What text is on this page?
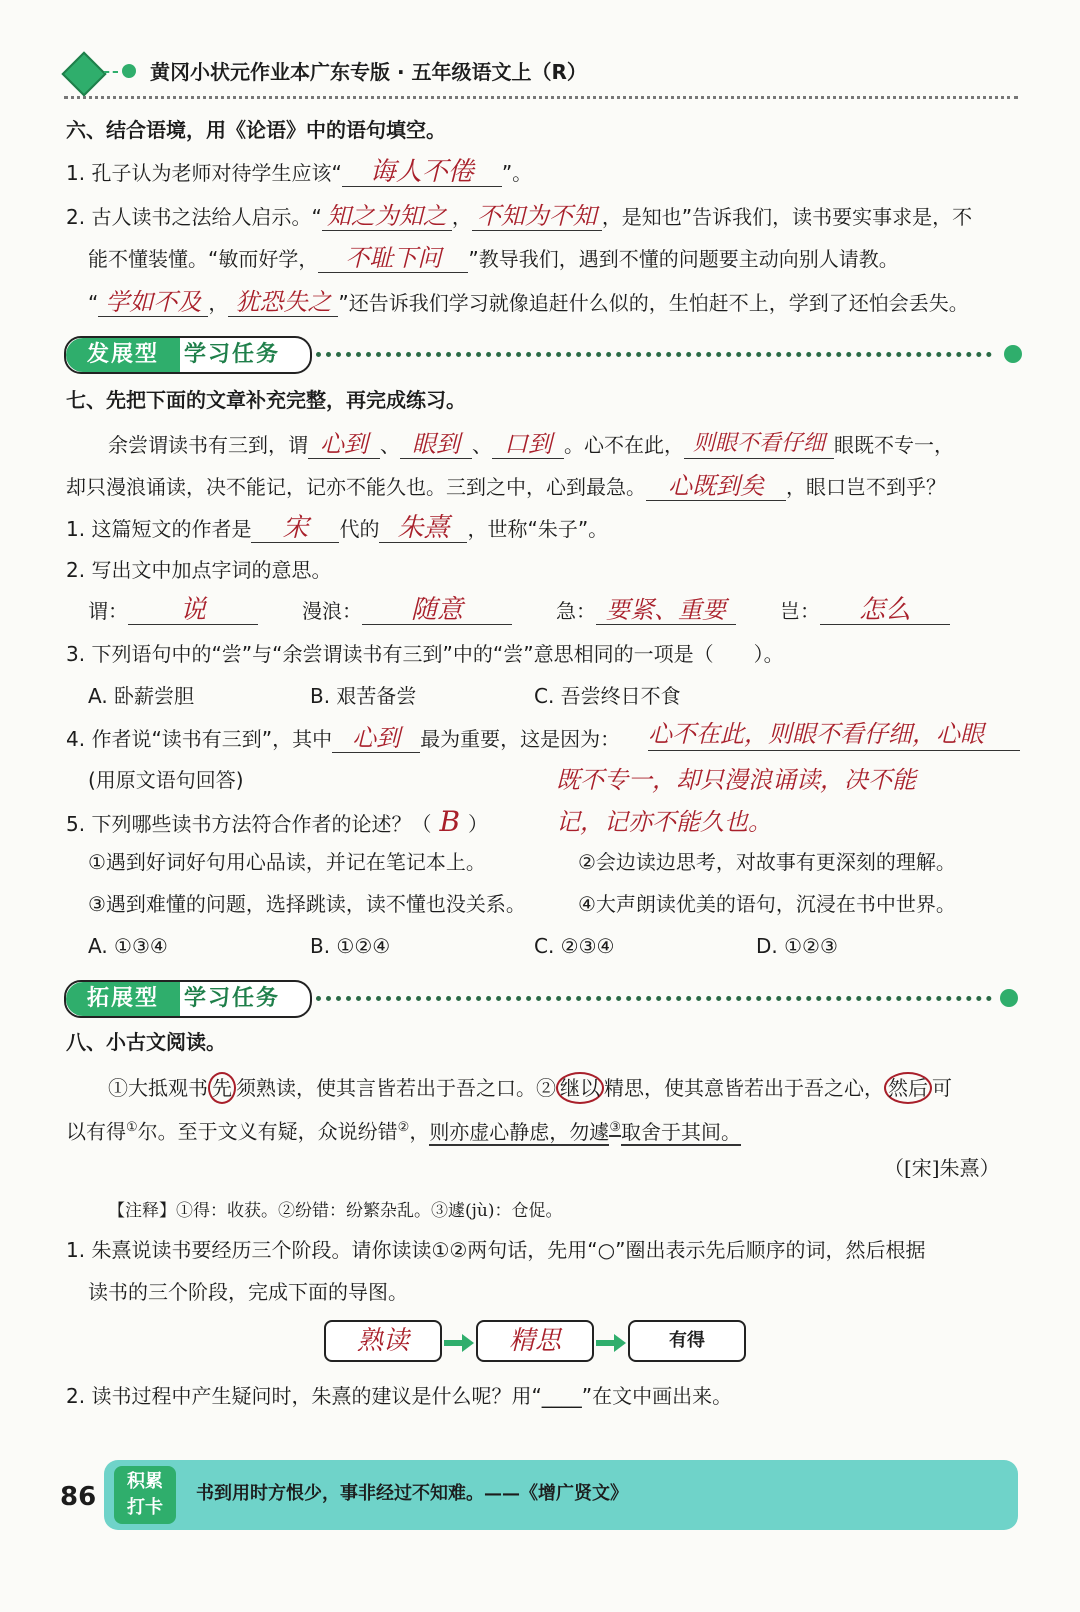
黄冈小状元作业本广东专版 · 五年级语文上（R）
六、结合语境，用《论语》中的语句填空。
1. 孔子认为老师对待学生应该“ 诲人不倦 ”。
2. 古人读书之法给人启示。“ 知之为知之 ， 不知为不知 ，是知也”告诉我们，读书要实事求是，不
能不懂装懂。“敏而好学， 不耻下问 ”教导我们，遇到不懂的问题要主动向别人请教。
“ 学如不及 ， 犹恐失之 ”还告诉我们学习就像追赶什么似的，生怕赶不上，学到了还怕会丢失。
发展型	学习任务
七、先把下面的文章补充完整，再完成练习。
余尝谓读书有三到，谓 心到 、 眼到 、 口到 。心不在此， 则眼不看仔细 眼既不专一，
却只漫浪诵读，决不能记，记亦不能久也。三到之中，心到最急。 心既到矣 ，眼口岂不到乎？
1. 这篇短文的作者是 宋 代的 朱熹 ，世称“朱子”。
2. 写出文中加点字词的意思。
谓： 说	漫浪： 随意	急： 要紧、重要	岂： 怎么
3. 下列语句中的“尝”与“余尝谓读书有三到”中的“尝”意思相同的一项是（　　）。
A. 卧薪尝胆	B. 艰苦备尝	C. 吾尝终日不食
4. 作者说“读书有三到”，其中 心到 最为重要，这是因为： 心不在此，则眼不看仔细，心眼
(用原文语句回答)	既不专一，却只漫浪诵读，决不能
记，记亦不能久也。
5. 下列哪些读书方法符合作者的论述？（ B ）
①遇到好词好句用心品读，并记在笔记本上。	②会边读边思考，对故事有更深刻的理解。
③遇到难懂的问题，选择跳读，读不懂也没关系。	④大声朗读优美的语句，沉浸在书中世界。
A. ①③④	B. ①②④	C. ②③④	D. ①②③
拓展型	学习任务
八、小古文阅读。
①大抵观书 先 须熟读，使其言皆若出于吾之口。② 继以 精思，使其意皆若出于吾之心， 然后 可
以有得①尔。至于文义有疑，众说纷错②，则亦虚心静虑，勿遽③取舍于其间。
（[宋]朱熹）
【注释】①得：收获。②纷错：纷繁杂乱。③遽(jù)：仓促。
1. 朱熹说读书要经历三个阶段。请你读读①②两句话，先用“○”圈出表示先后顺序的词，然后根据
读书的三个阶段，完成下面的导图。
熟读	精思	有得
2. 读书过程中产生疑问时，朱熹的建议是什么呢？用“____”在文中画出来。
86
积累
打卡
书到用时方恨少，事非经过不知难。——《增广贤文》
